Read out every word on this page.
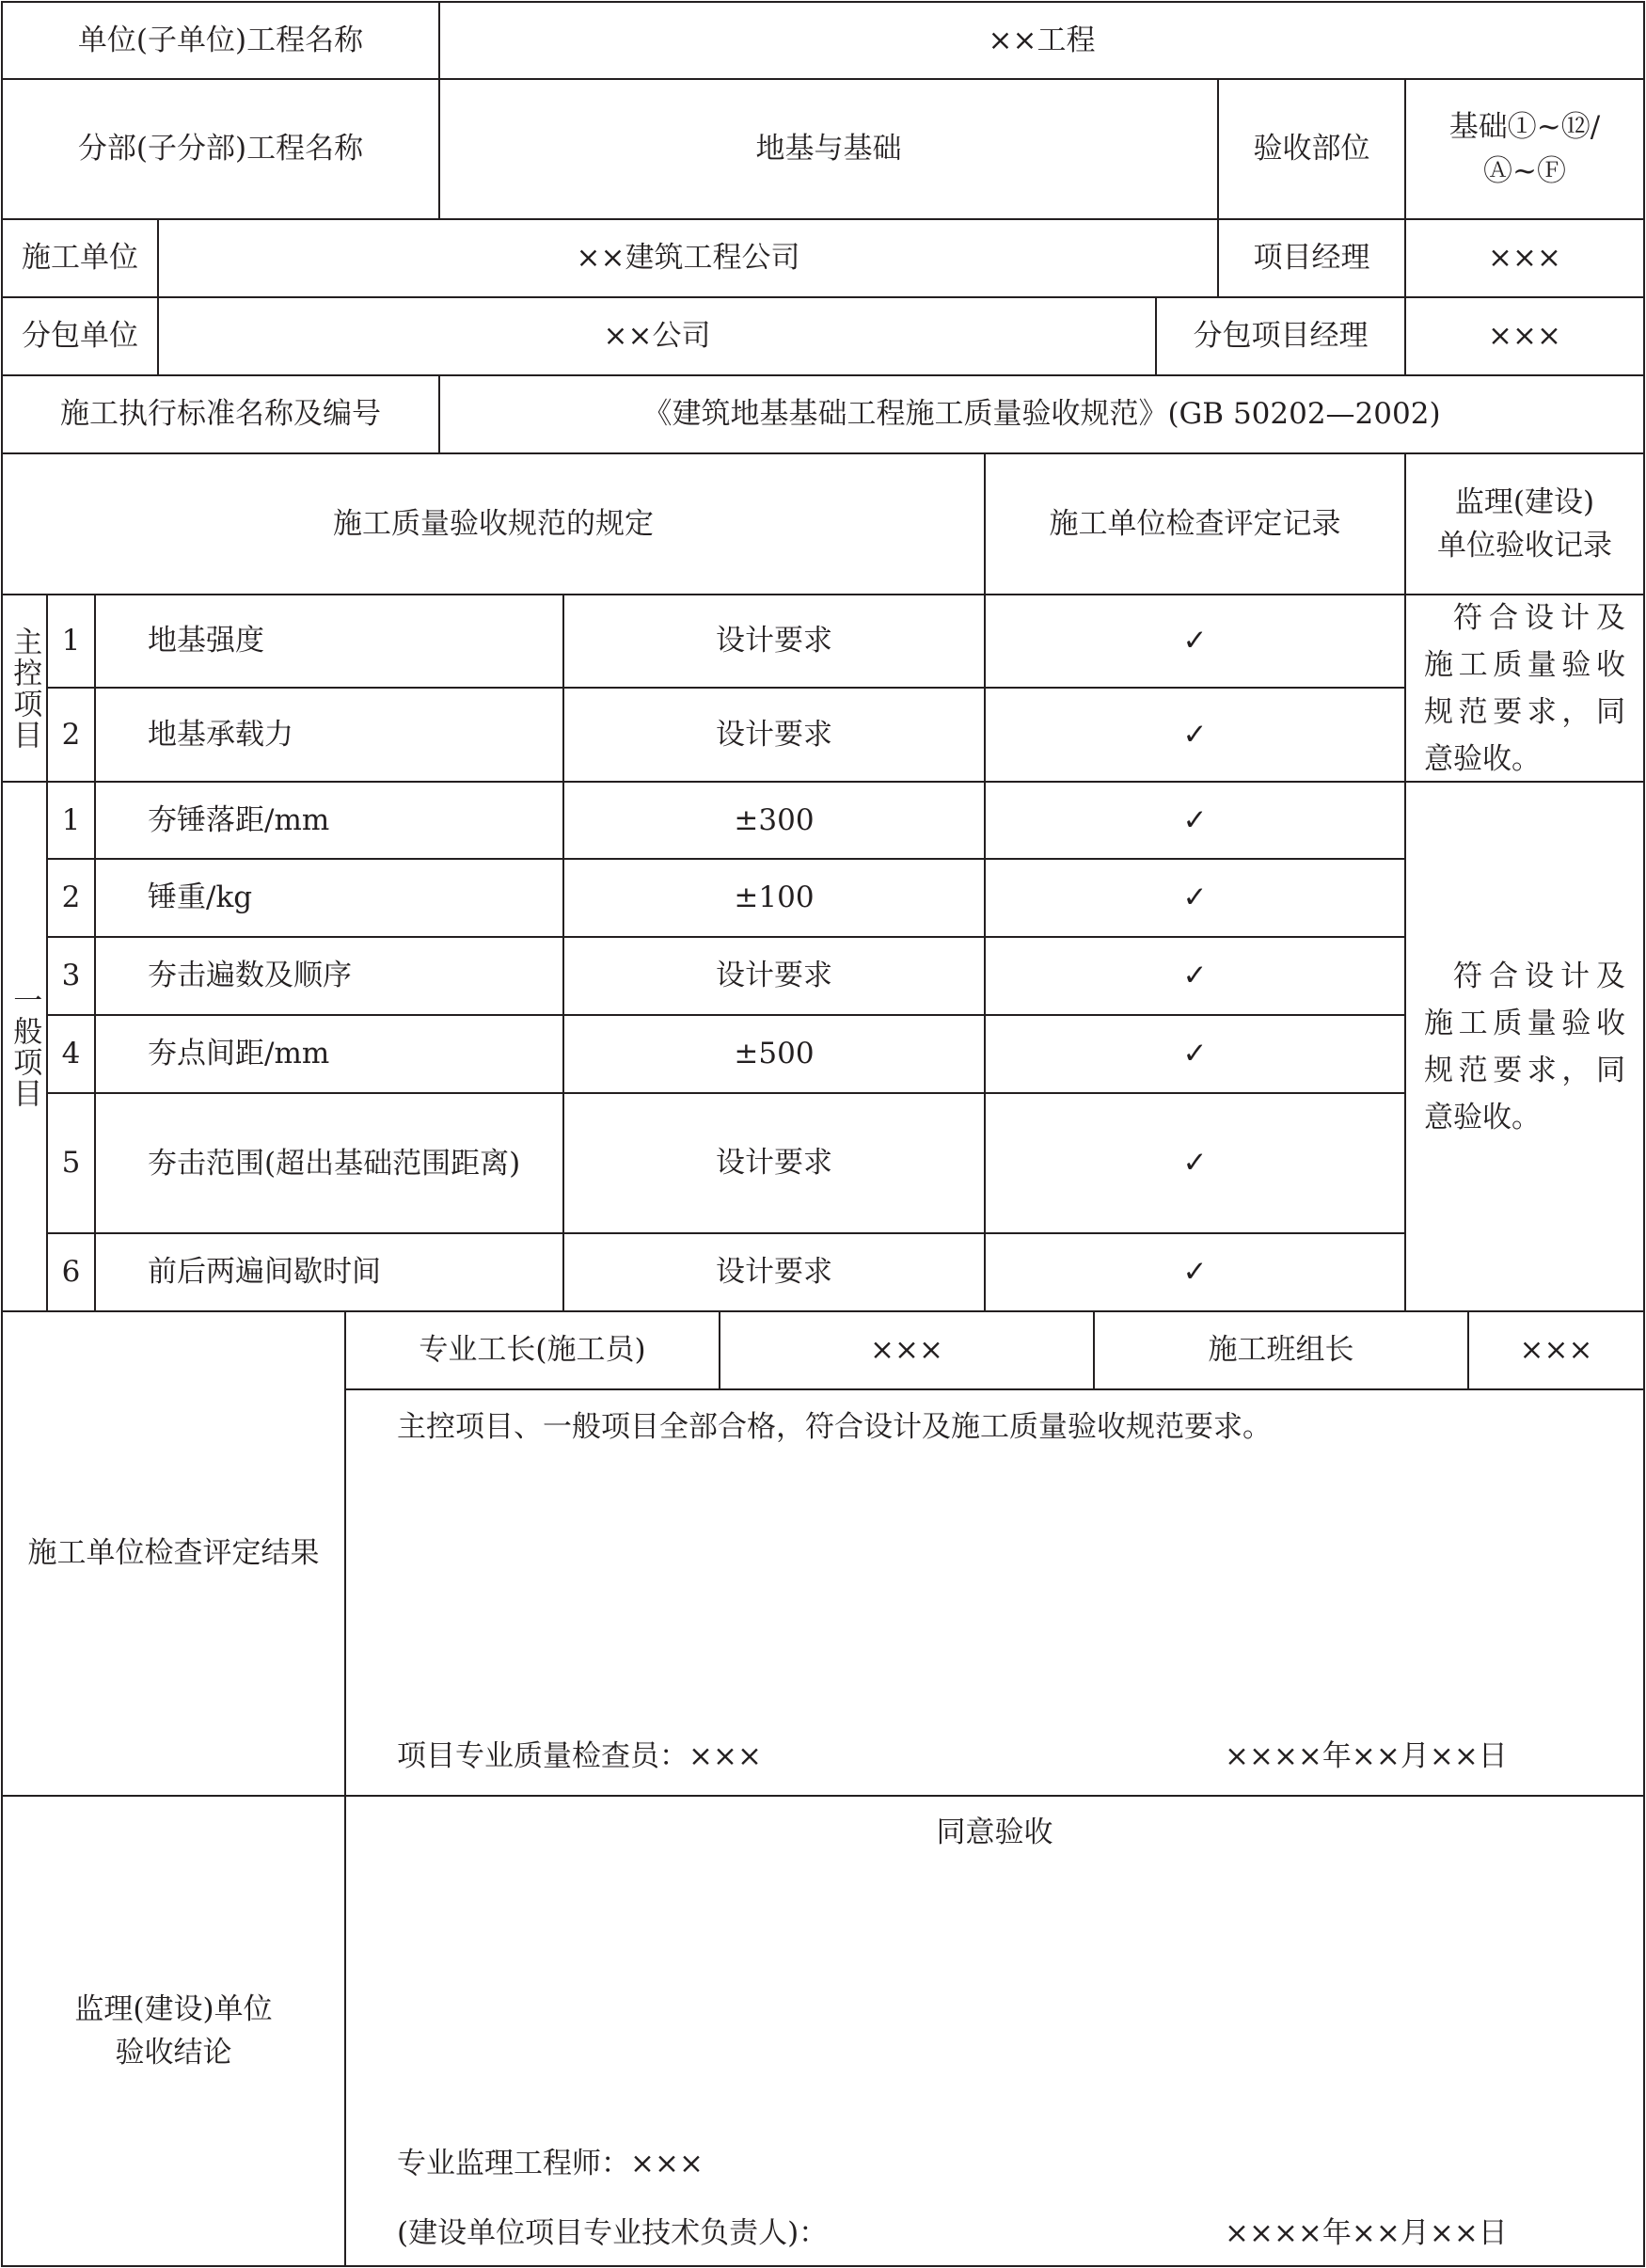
单位(子单位)工程名称	××工程
分部(子分部)工程名称	地基与基础	验收部位
基础①~⑫/
Ⓐ~Ⓕ
施工单位	××建筑工程公司	项目经理	×××
分包单位	××公司	分包项目经理	×××
施工执行标准名称及编号	《建筑地基基础工程施工质量验收规范》(GB 50202—2002)
施工质量验收规范的规定	施工单位检查评定记录
监理(建设)
单位验收记录
主控项目 1	地基强度	设计要求	✓
2	地基承载力	设计要求	✓
符合设计及施工质量验收规范要求，同意验收。
一般项目
1	夯锤落距/mm	±300	✓
2	锤重/kg	±100	✓
3	夯击遍数及顺序	设计要求	✓
4	夯点间距/mm	±500	✓
5	夯击范围(超出基础范围距离)	设计要求	✓
6	前后两遍间歇时间	设计要求	✓
符合设计及施工质量验收规范要求，同意验收。
施工单位检查评定结果
专业工长(施工员)	×××	施工班组长	×××
主控项目、一般项目全部合格，符合设计及施工质量验收规范要求。
项目专业质量检查员：×××	××××年××月××日
监理(建设)单位
验收结论
同意验收
专业监理工程师：×××
(建设单位项目专业技术负责人)：	××××年××月××日
